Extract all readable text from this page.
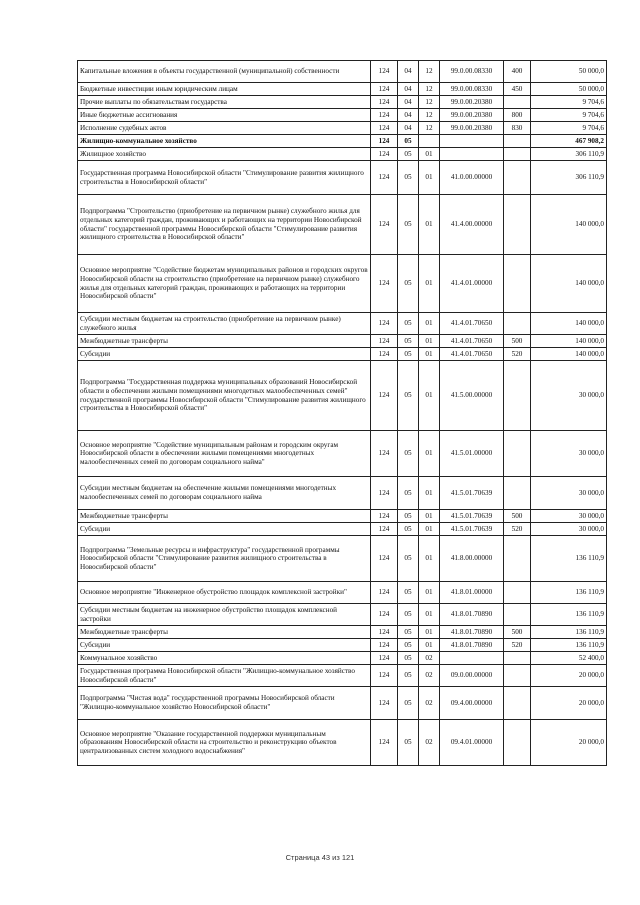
Капитальные вложения в объекты государственной (муниципальной) собственности	124	04	12	99.0.00.08330	400	50 000,0
Бюджетные инвестиции иным юридическим лицам	124	04	12	99.0.00.08330	450	50 000,0
Прочие выплаты по обязательствам государства	124	04	12	99.0.00.20380		9 704,6
Иные бюджетные ассигнования	124	04	12	99.0.00.20380	800	9 704,6
Исполнение судебных актов	124	04	12	99.0.00.20380	830	9 704,6
Жилищно-коммунальное хозяйство	124	05				467 908,2
Жилищное хозяйство	124	05	01			306 110,9
Государственная программа Новосибирской области "Стимулирование развития жилищного строительства в Новосибирской области"	124	05	01	41.0.00.00000		306 110,9
Подпрограмма "Строительство (приобретение на первичном рынке) служебного жилья для отдельных категорий граждан, проживающих и работающих на территории Новосибирской области" государственной программы Новосибирской области "Стимулирование развития жилищного строительства в Новосибирской области"	124	05	01	41.4.00.00000		140 000,0
Основное мероприятие "Содействие бюджетам муниципальных районов и городских округов Новосибирской области на строительство (приобретение на первичном рынке) служебного жилья для отдельных категорий граждан, проживающих и работающих на территории Новосибирской области"	124	05	01	41.4.01.00000		140 000,0
Субсидии местным бюджетам на строительство (приобретение на первичном рынке) служебного жилья	124	05	01	41.4.01.70650		140 000,0
Межбюджетные трансферты	124	05	01	41.4.01.70650	500	140 000,0
Субсидии	124	05	01	41.4.01.70650	520	140 000,0
Подпрограмма "Государственная поддержка муниципальных образований Новосибирской области в обеспечении жилыми помещениями многодетных малообеспеченных семей" государственной программы Новосибирской области "Стимулирование развития жилищного строительства в Новосибирской области"	124	05	01	41.5.00.00000		30 000,0
Основное мероприятие "Содействие муниципальным районам и городским округам Новосибирской области в обеспечении жилыми помещениями многодетных малообеспеченных семей по договорам социального найма"	124	05	01	41.5.01.00000		30 000,0
Субсидии местным бюджетам на обеспечение жилыми помещениями многодетных малообеспеченных семей по договорам социального найма	124	05	01	41.5.01.70639		30 000,0
Межбюджетные трансферты	124	05	01	41.5.01.70639	500	30 000,0
Субсидии	124	05	01	41.5.01.70639	520	30 000,0
Подпрограмма "Земельные ресурсы и инфраструктура" государственной программы Новосибирской области "Стимулирование развития жилищного строительства в Новосибирской области"	124	05	01	41.8.00.00000		136 110,9
Основное мероприятие "Инженерное обустройство площадок комплексной застройки"	124	05	01	41.8.01.00000		136 110,9
Субсидии местным бюджетам на инженерное обустройство площадок комплексной застройки	124	05	01	41.8.01.70890		136 110,9
Межбюджетные трансферты	124	05	01	41.8.01.70890	500	136 110,9
Субсидии	124	05	01	41.8.01.70890	520	136 110,9
Коммунальное хозяйство	124	05	02			52 400,0
Государственная программа Новосибирской области "Жилищно-коммунальное хозяйство Новосибирской области"	124	05	02	09.0.00.00000		20 000,0
Подпрограмма "Чистая вода" государственной программы Новосибирской области "Жилищно-коммунальное хозяйство Новосибирской области"	124	05	02	09.4.00.00000		20 000,0
Основное мероприятие "Оказание государственной поддержки муниципальным образованиям Новосибирской области на строительство и реконструкцию объектов централизованных систем холодного водоснабжения"	124	05	02	09.4.01.00000		20 000,0
Страница 43 из 121
